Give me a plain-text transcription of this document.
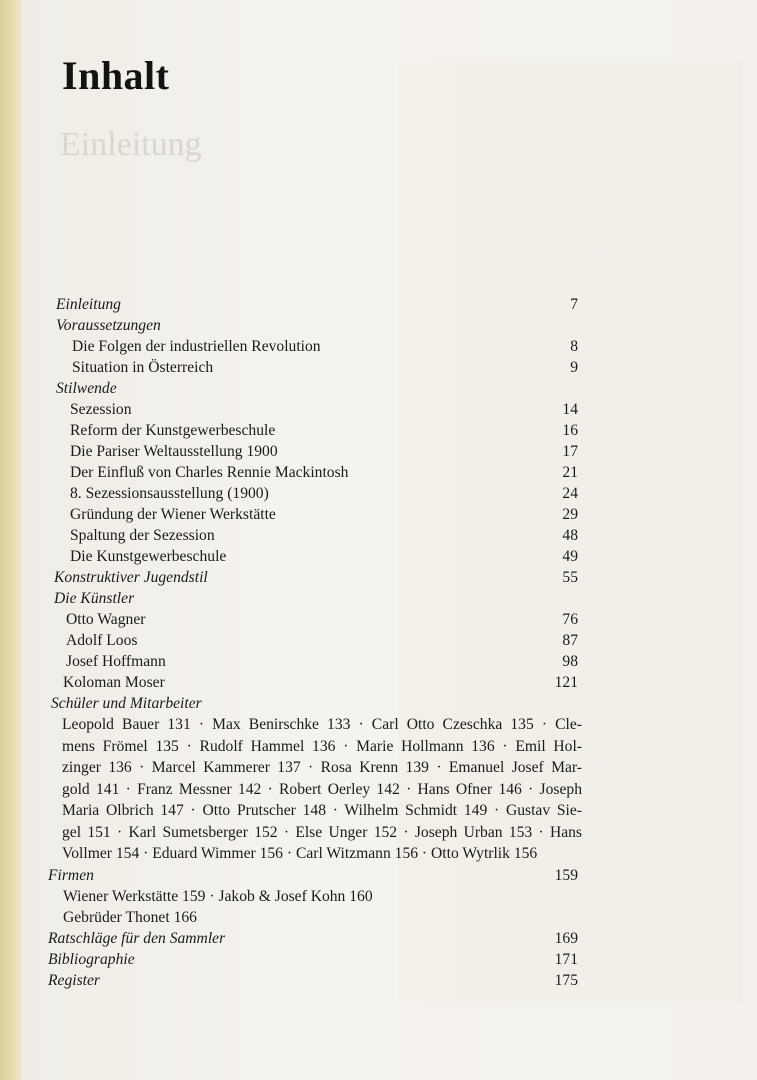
Einleitung
Inhalt
Einleitung	7
Voraussetzungen
Die Folgen der industriellen Revolution	8
Situation in Österreich	9
Stilwende
Sezession	14
Reform der Kunstgewerbeschule	16
Die Pariser Weltausstellung 1900	17
Der Einfluß von Charles Rennie Mackintosh	21
8. Sezessionsausstellung (1900)	24
Gründung der Wiener Werkstätte	29
Spaltung der Sezession	48
Die Kunstgewerbeschule	49
Konstruktiver Jugendstil	55
Die Künstler
Otto Wagner	76
Adolf Loos	87
Josef Hoffmann	98
Koloman Moser	121
Schüler und Mitarbeiter

Leopold Bauer 131 · Max Benirschke 133 · Carl Otto Czeschka 135 · Cle-
mens Frömel 135 · Rudolf Hammel 136 · Marie Hollmann 136 · Emil Hol-
zinger 136 · Marcel Kammerer 137 · Rosa Krenn 139 · Emanuel Josef Mar-
gold 141 · Franz Messner 142 · Robert Oerley 142 · Hans Ofner 146 · Joseph
Maria Olbrich 147 · Otto Prutscher 148 · Wilhelm Schmidt 149 · Gustav Sie-
gel 151 · Karl Sumetsberger 152 · Else Unger 152 · Joseph Urban 153 · Hans
Vollmer 154 · Eduard Wimmer 156 · Carl Witzmann 156 · Otto Wytrlik 156

Firmen	159
Wiener Werkstätte 159 · Jakob & Josef Kohn 160
Gebrüder Thonet 166
Ratschläge für den Sammler	169
Bibliographie	171
Register	175
